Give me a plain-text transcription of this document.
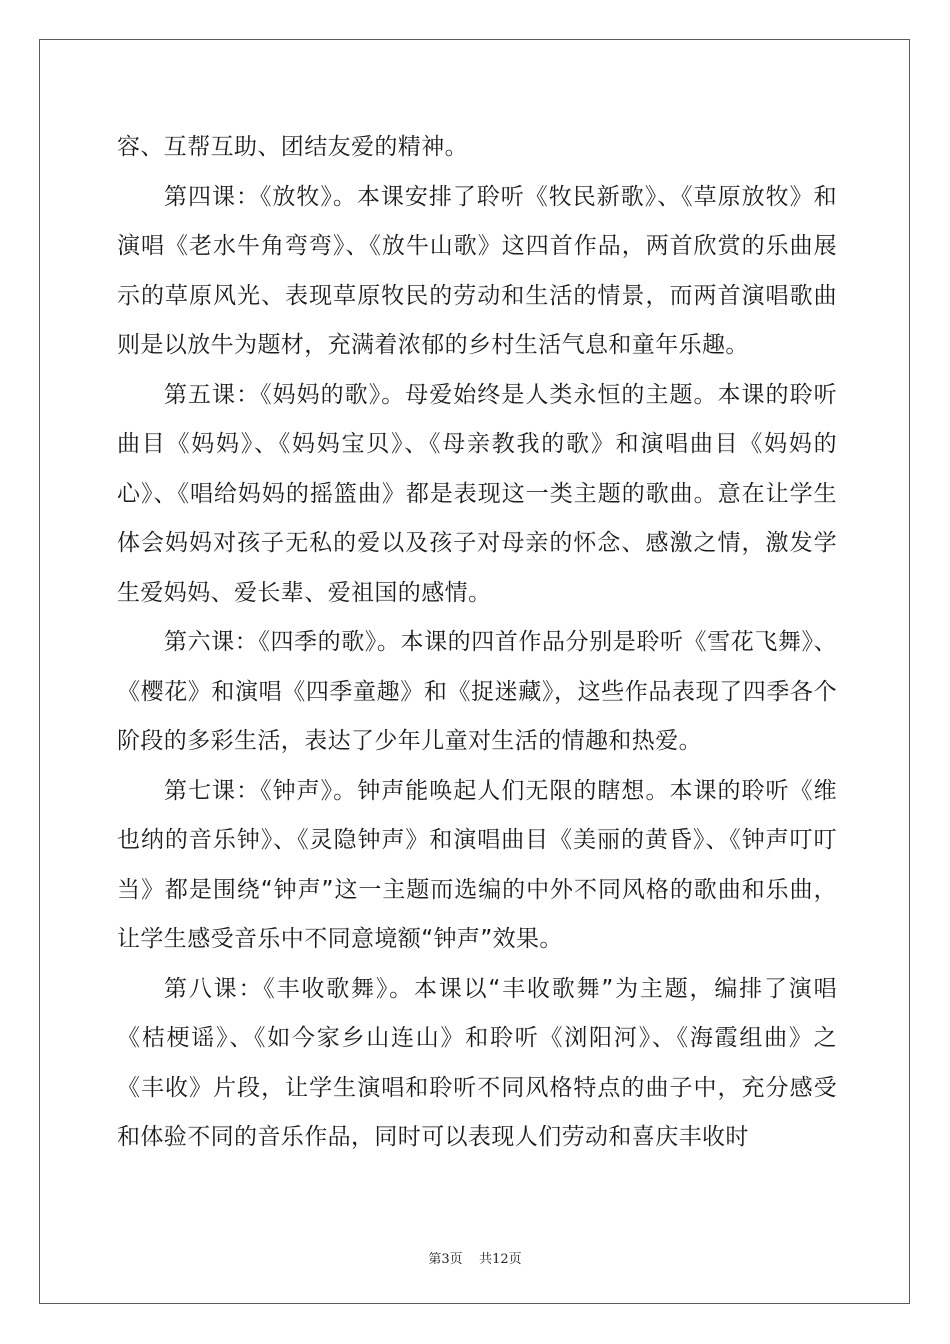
容、互帮互助、团结友爱的精神。

第四课：《放牧》。本课安排了聆听《牧民新歌》、《草原放牧》和演唱《老水牛角弯弯》、《放牛山歌》这四首作品，两首欣赏的乐曲展示的草原风光、表现草原牧民的劳动和生活的情景，而两首演唱歌曲则是以放牛为题材，充满着浓郁的乡村生活气息和童年乐趣。

第五课：《妈妈的歌》。母爱始终是人类永恒的主题。本课的聆听曲目《妈妈》、《妈妈宝贝》、《母亲教我的歌》和演唱曲目《妈妈的心》、《唱给妈妈的摇篮曲》都是表现这一类主题的歌曲。意在让学生体会妈妈对孩子无私的爱以及孩子对母亲的怀念、感激之情，激发学生爱妈妈、爱长辈、爱祖国的感情。

第六课：《四季的歌》。本课的四首作品分别是聆听《雪花飞舞》、《樱花》和演唱《四季童趣》和《捉迷藏》，这些作品表现了四季各个阶段的多彩生活，表达了少年儿童对生活的情趣和热爱。

第七课：《钟声》。钟声能唤起人们无限的瞎想。本课的聆听《维也纳的音乐钟》、《灵隐钟声》和演唱曲目《美丽的黄昏》、《钟声叮叮当》都是围绕“钟声”这一主题而选编的中外不同风格的歌曲和乐曲，让学生感受音乐中不同意境额“钟声”效果。

第八课：《丰收歌舞》。本课以“丰收歌舞”为主题，编排了演唱《桔梗谣》、《如今家乡山连山》和聆听《浏阳河》、《海霞组曲》之《丰收》片段，让学生演唱和聆听不同风格特点的曲子中，充分感受和体验不同的音乐作品，同时可以表现人们劳动和喜庆丰收时

第3页 共12页
